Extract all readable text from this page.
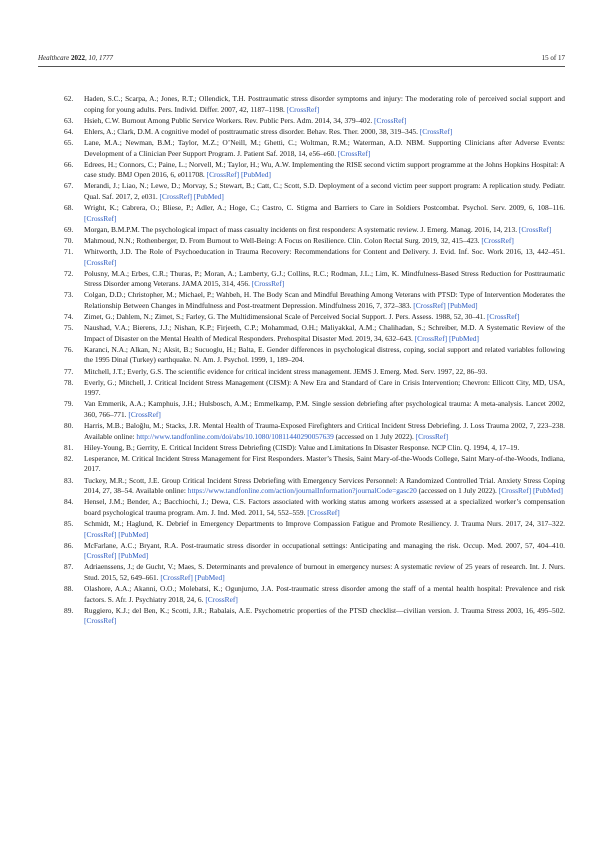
Healthcare 2022, 10, 1777	15 of 17
62. Haden, S.C.; Scarpa, A.; Jones, R.T.; Ollendick, T.H. Posttraumatic stress disorder symptoms and injury: The moderating role of perceived social support and coping for young adults. Pers. Individ. Differ. 2007, 42, 1187–1198. [CrossRef]
63. Hsieh, C.W. Burnout Among Public Service Workers. Rev. Public Pers. Adm. 2014, 34, 379–402. [CrossRef]
64. Ehlers, A.; Clark, D.M. A cognitive model of posttraumatic stress disorder. Behav. Res. Ther. 2000, 38, 319–345. [CrossRef]
65. Lane, M.A.; Newman, B.M.; Taylor, M.Z.; O’Neill, M.; Ghetti, C.; Woltman, R.M.; Waterman, A.D. NBM. Supporting Clinicians after Adverse Events: Development of a Clinician Peer Support Program. J. Patient Saf. 2018, 14, e56–e60. [CrossRef]
66. Edrees, H.; Connors, C.; Paine, L.; Norvell, M.; Taylor, H.; Wu, A.W. Implementing the RISE second victim support programme at the Johns Hopkins Hospital: A case study. BMJ Open 2016, 6, e011708. [CrossRef] [PubMed]
67. Merandi, J.; Liao, N.; Lewe, D.; Morvay, S.; Stewart, B.; Catt, C.; Scott, S.D. Deployment of a second victim peer support program: A replication study. Pediatr. Qual. Saf. 2017, 2, e031. [CrossRef] [PubMed]
68. Wright, K.; Cabrera, O.; Bliese, P.; Adler, A.; Hoge, C.; Castro, C. Stigma and Barriers to Care in Soldiers Postcombat. Psychol. Serv. 2009, 6, 108–116. [CrossRef]
69. Morgan, B.M.P.M. The psychological impact of mass casualty incidents on first responders: A systematic review. J. Emerg. Manag. 2016, 14, 213. [CrossRef]
70. Mahmoud, N.N.; Rothenberger, D. From Burnout to Well-Being: A Focus on Resilience. Clin. Colon Rectal Surg. 2019, 32, 415–423. [CrossRef]
71. Whitworth, J.D. The Role of Psychoeducation in Trauma Recovery: Recommendations for Content and Delivery. J. Evid. Inf. Soc. Work 2016, 13, 442–451. [CrossRef]
72. Polusny, M.A.; Erbes, C.R.; Thuras, P.; Moran, A.; Lamberty, G.J.; Collins, R.C.; Rodman, J.L.; Lim, K. Mindfulness-Based Stress Reduction for Posttraumatic Stress Disorder among Veterans. JAMA 2015, 314, 456. [CrossRef]
73. Colgan, D.D.; Christopher, M.; Michael, P.; Wahbeh, H. The Body Scan and Mindful Breathing Among Veterans with PTSD: Type of Intervention Moderates the Relationship Between Changes in Mindfulness and Post-treatment Depression. Mindfulness 2016, 7, 372–383. [CrossRef] [PubMed]
74. Zimet, G.; Dahlem, N.; Zimet, S.; Farley, G. The Multidimensional Scale of Perceived Social Support. J. Pers. Assess. 1988, 52, 30–41. [CrossRef]
75. Naushad, V.A.; Bierens, J.J.; Nishan, K.P.; Firjeeth, C.P.; Mohammad, O.H.; Maliyakkal, A.M.; Chalihadan, S.; Schreiber, M.D. A Systematic Review of the Impact of Disaster on the Mental Health of Medical Responders. Prehospital Disaster Med. 2019, 34, 632–643. [CrossRef] [PubMed]
76. Karanci, N.A.; Alkan, N.; Aksit, B.; Sucuoglu, H.; Balta, E. Gender differences in psychological distress, coping, social support and related variables following the 1995 Dinal (Turkey) earthquake. N. Am. J. Psychol. 1999, 1, 189–204.
77. Mitchell, J.T.; Everly, G.S. The scientific evidence for critical incident stress management. JEMS J. Emerg. Med. Serv. 1997, 22, 86–93.
78. Everly, G.; Mitchell, J. Critical Incident Stress Management (CISM): A New Era and Standard of Care in Crisis Intervention; Chevron: Ellicott City, MD, USA, 1997.
79. Van Emmerik, A.A.; Kamphuis, J.H.; Hulsbosch, A.M.; Emmelkamp, P.M. Single session debriefing after psychological trauma: A meta-analysis. Lancet 2002, 360, 766–771. [CrossRef]
80. Harris, M.B.; Baloğlu, M.; Stacks, J.R. Mental Health of Trauma-Exposed Firefighters and Critical Incident Stress Debriefing. J. Loss Trauma 2002, 7, 223–238. Available online: http://www.tandfonline.com/doi/abs/10.1080/10811440290057639 (accessed on 1 July 2022). [CrossRef]
81. Hiley-Young, B.; Gerrity, E. Critical Incident Stress Debriefing (CISD): Value and Limitations In Disaster Response. NCP Clin. Q. 1994, 4, 17–19.
82. Lesperance, M. Critical Incident Stress Management for First Responders. Master’s Thesis, Saint Mary-of-the-Woods College, Saint Mary-of-the-Woods, Indiana, 2017.
83. Tuckey, M.R.; Scott, J.E. Group Critical Incident Stress Debriefing with Emergency Services Personnel: A Randomized Controlled Trial. Anxiety Stress Coping 2014, 27, 38–54. Available online: https://www.tandfonline.com/action/journalInformation?journalCode=gasc20 (accessed on 1 July 2022). [CrossRef] [PubMed]
84. Hensel, J.M.; Bender, A.; Bacchiochi, J.; Dewa, C.S. Factors associated with working status among workers assessed at a specialized worker’s compensation board psychological trauma program. Am. J. Ind. Med. 2011, 54, 552–559. [CrossRef]
85. Schmidt, M.; Haglund, K. Debrief in Emergency Departments to Improve Compassion Fatigue and Promote Resiliency. J. Trauma Nurs. 2017, 24, 317–322. [CrossRef] [PubMed]
86. McFarlane, A.C.; Bryant, R.A. Post-traumatic stress disorder in occupational settings: Anticipating and managing the risk. Occup. Med. 2007, 57, 404–410. [CrossRef] [PubMed]
87. Adriaenssens, J.; de Gucht, V.; Maes, S. Determinants and prevalence of burnout in emergency nurses: A systematic review of 25 years of research. Int. J. Nurs. Stud. 2015, 52, 649–661. [CrossRef] [PubMed]
88. Olashore, A.A.; Akanni, O.O.; Molebatsi, K.; Ogunjumo, J.A. Post-traumatic stress disorder among the staff of a mental health hospital: Prevalence and risk factors. S. Afr. J. Psychiatry 2018, 24, 6. [CrossRef]
89. Ruggiero, K.J.; del Ben, K.; Scotti, J.R.; Rabalais, A.E. Psychometric properties of the PTSD checklist—civilian version. J. Trauma Stress 2003, 16, 495–502. [CrossRef]
